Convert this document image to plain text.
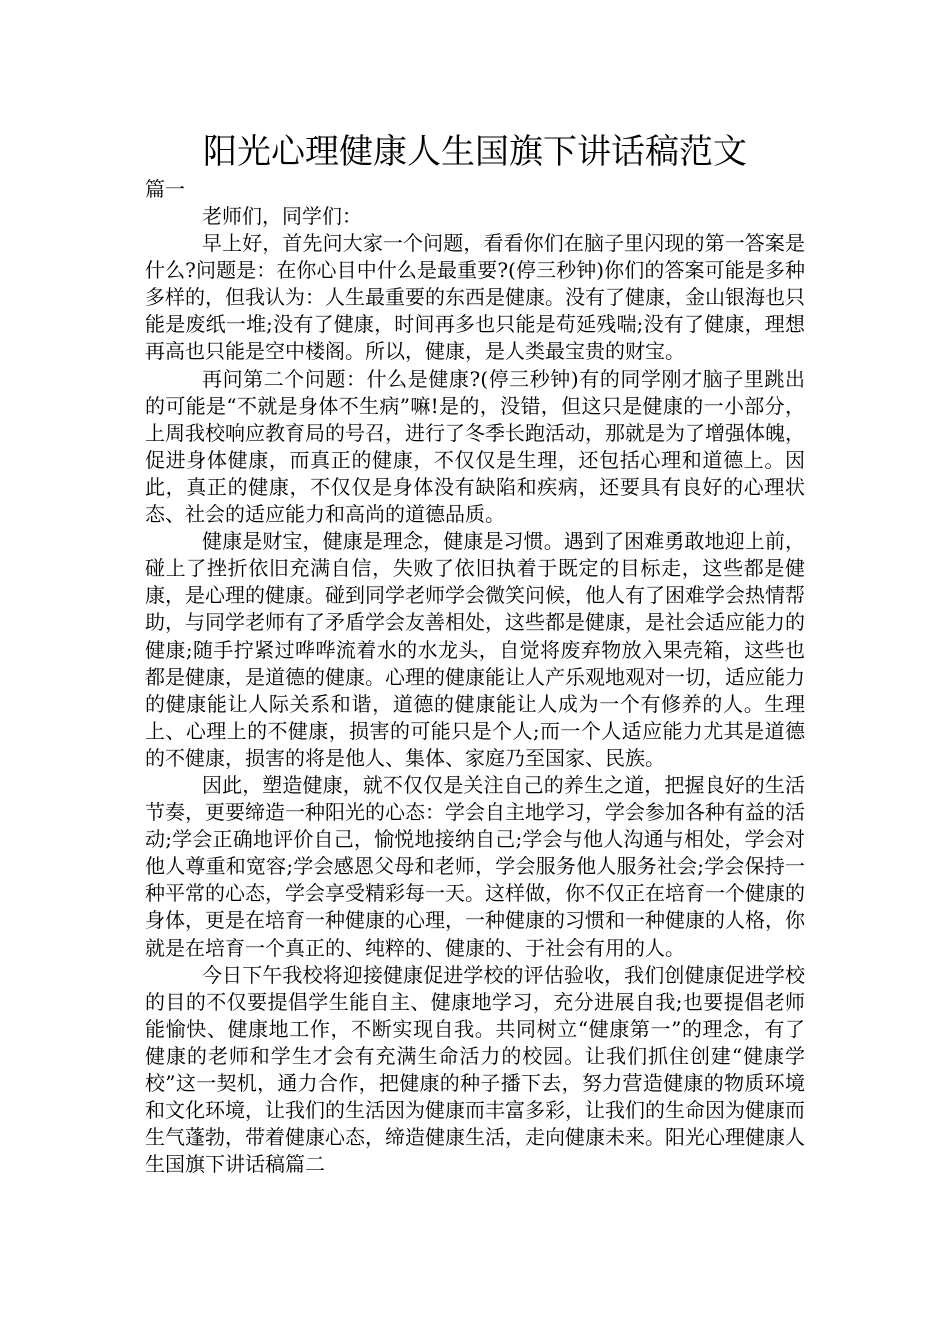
阳光心理健康人生国旗下讲话稿范文

篇一

老师们，同学们：

早上好，首先问大家一个问题，看看你们在脑子里闪现的第一答案是什么?问题是：在你心目中什么是最重要?(停三秒钟)你们的答案可能是多种多样的，但我认为：人生最重要的东西是健康。没有了健康，金山银海也只能是废纸一堆;没有了健康，时间再多也只能是苟延残喘;没有了健康，理想再高也只能是空中楼阁。所以，健康，是人类最宝贵的财宝。

再问第二个问题：什么是健康?(停三秒钟)有的同学刚才脑子里跳出的可能是“不就是身体不生病”嘛!是的，没错，但这只是健康的一小部分，上周我校响应教育局的号召，进行了冬季长跑活动，那就是为了增强体魄，促进身体健康，而真正的健康，不仅仅是生理，还包括心理和道德上。因此，真正的健康，不仅仅是身体没有缺陷和疾病，还要具有良好的心理状态、社会的适应能力和高尚的道德品质。

健康是财宝，健康是理念，健康是习惯。遇到了困难勇敢地迎上前，碰上了挫折依旧充满自信，失败了依旧执着于既定的目标走，这些都是健康，是心理的健康。碰到同学老师学会微笑问候，他人有了困难学会热情帮助，与同学老师有了矛盾学会友善相处，这些都是健康，是社会适应能力的健康;随手拧紧过哗哗流着水的水龙头，自觉将废弃物放入果壳箱，这些也都是健康，是道德的健康。心理的健康能让人产乐观地观对一切，适应能力的健康能让人际关系和谐，道德的健康能让人成为一个有修养的人。生理上、心理上的不健康，损害的可能只是个人;而一个人适应能力尤其是道德的不健康，损害的将是他人、集体、家庭乃至国家、民族。

因此，塑造健康，就不仅仅是关注自己的养生之道，把握良好的生活节奏，更要缔造一种阳光的心态：学会自主地学习，学会参加各种有益的活动;学会正确地评价自己，愉悦地接纳自己;学会与他人沟通与相处，学会对他人尊重和宽容;学会感恩父母和老师，学会服务他人服务社会;学会保持一种平常的心态，学会享受精彩每一天。这样做，你不仅正在培育一个健康的身体，更是在培育一种健康的心理，一种健康的习惯和一种健康的人格，你就是在培育一个真正的、纯粹的、健康的、于社会有用的人。

今日下午我校将迎接健康促进学校的评估验收，我们创健康促进学校的目的不仅要提倡学生能自主、健康地学习，充分进展自我;也要提倡老师能愉快、健康地工作，不断实现自我。共同树立“健康第一”的理念，有了健康的老师和学生才会有充满生命活力的校园。让我们抓住创建“健康学校”这一契机，通力合作，把健康的种子播下去，努力营造健康的物质环境和文化环境，让我们的生活因为健康而丰富多彩，让我们的生命因为健康而生气蓬勃，带着健康心态，缔造健康生活，走向健康未来。阳光心理健康人生国旗下讲话稿篇二
